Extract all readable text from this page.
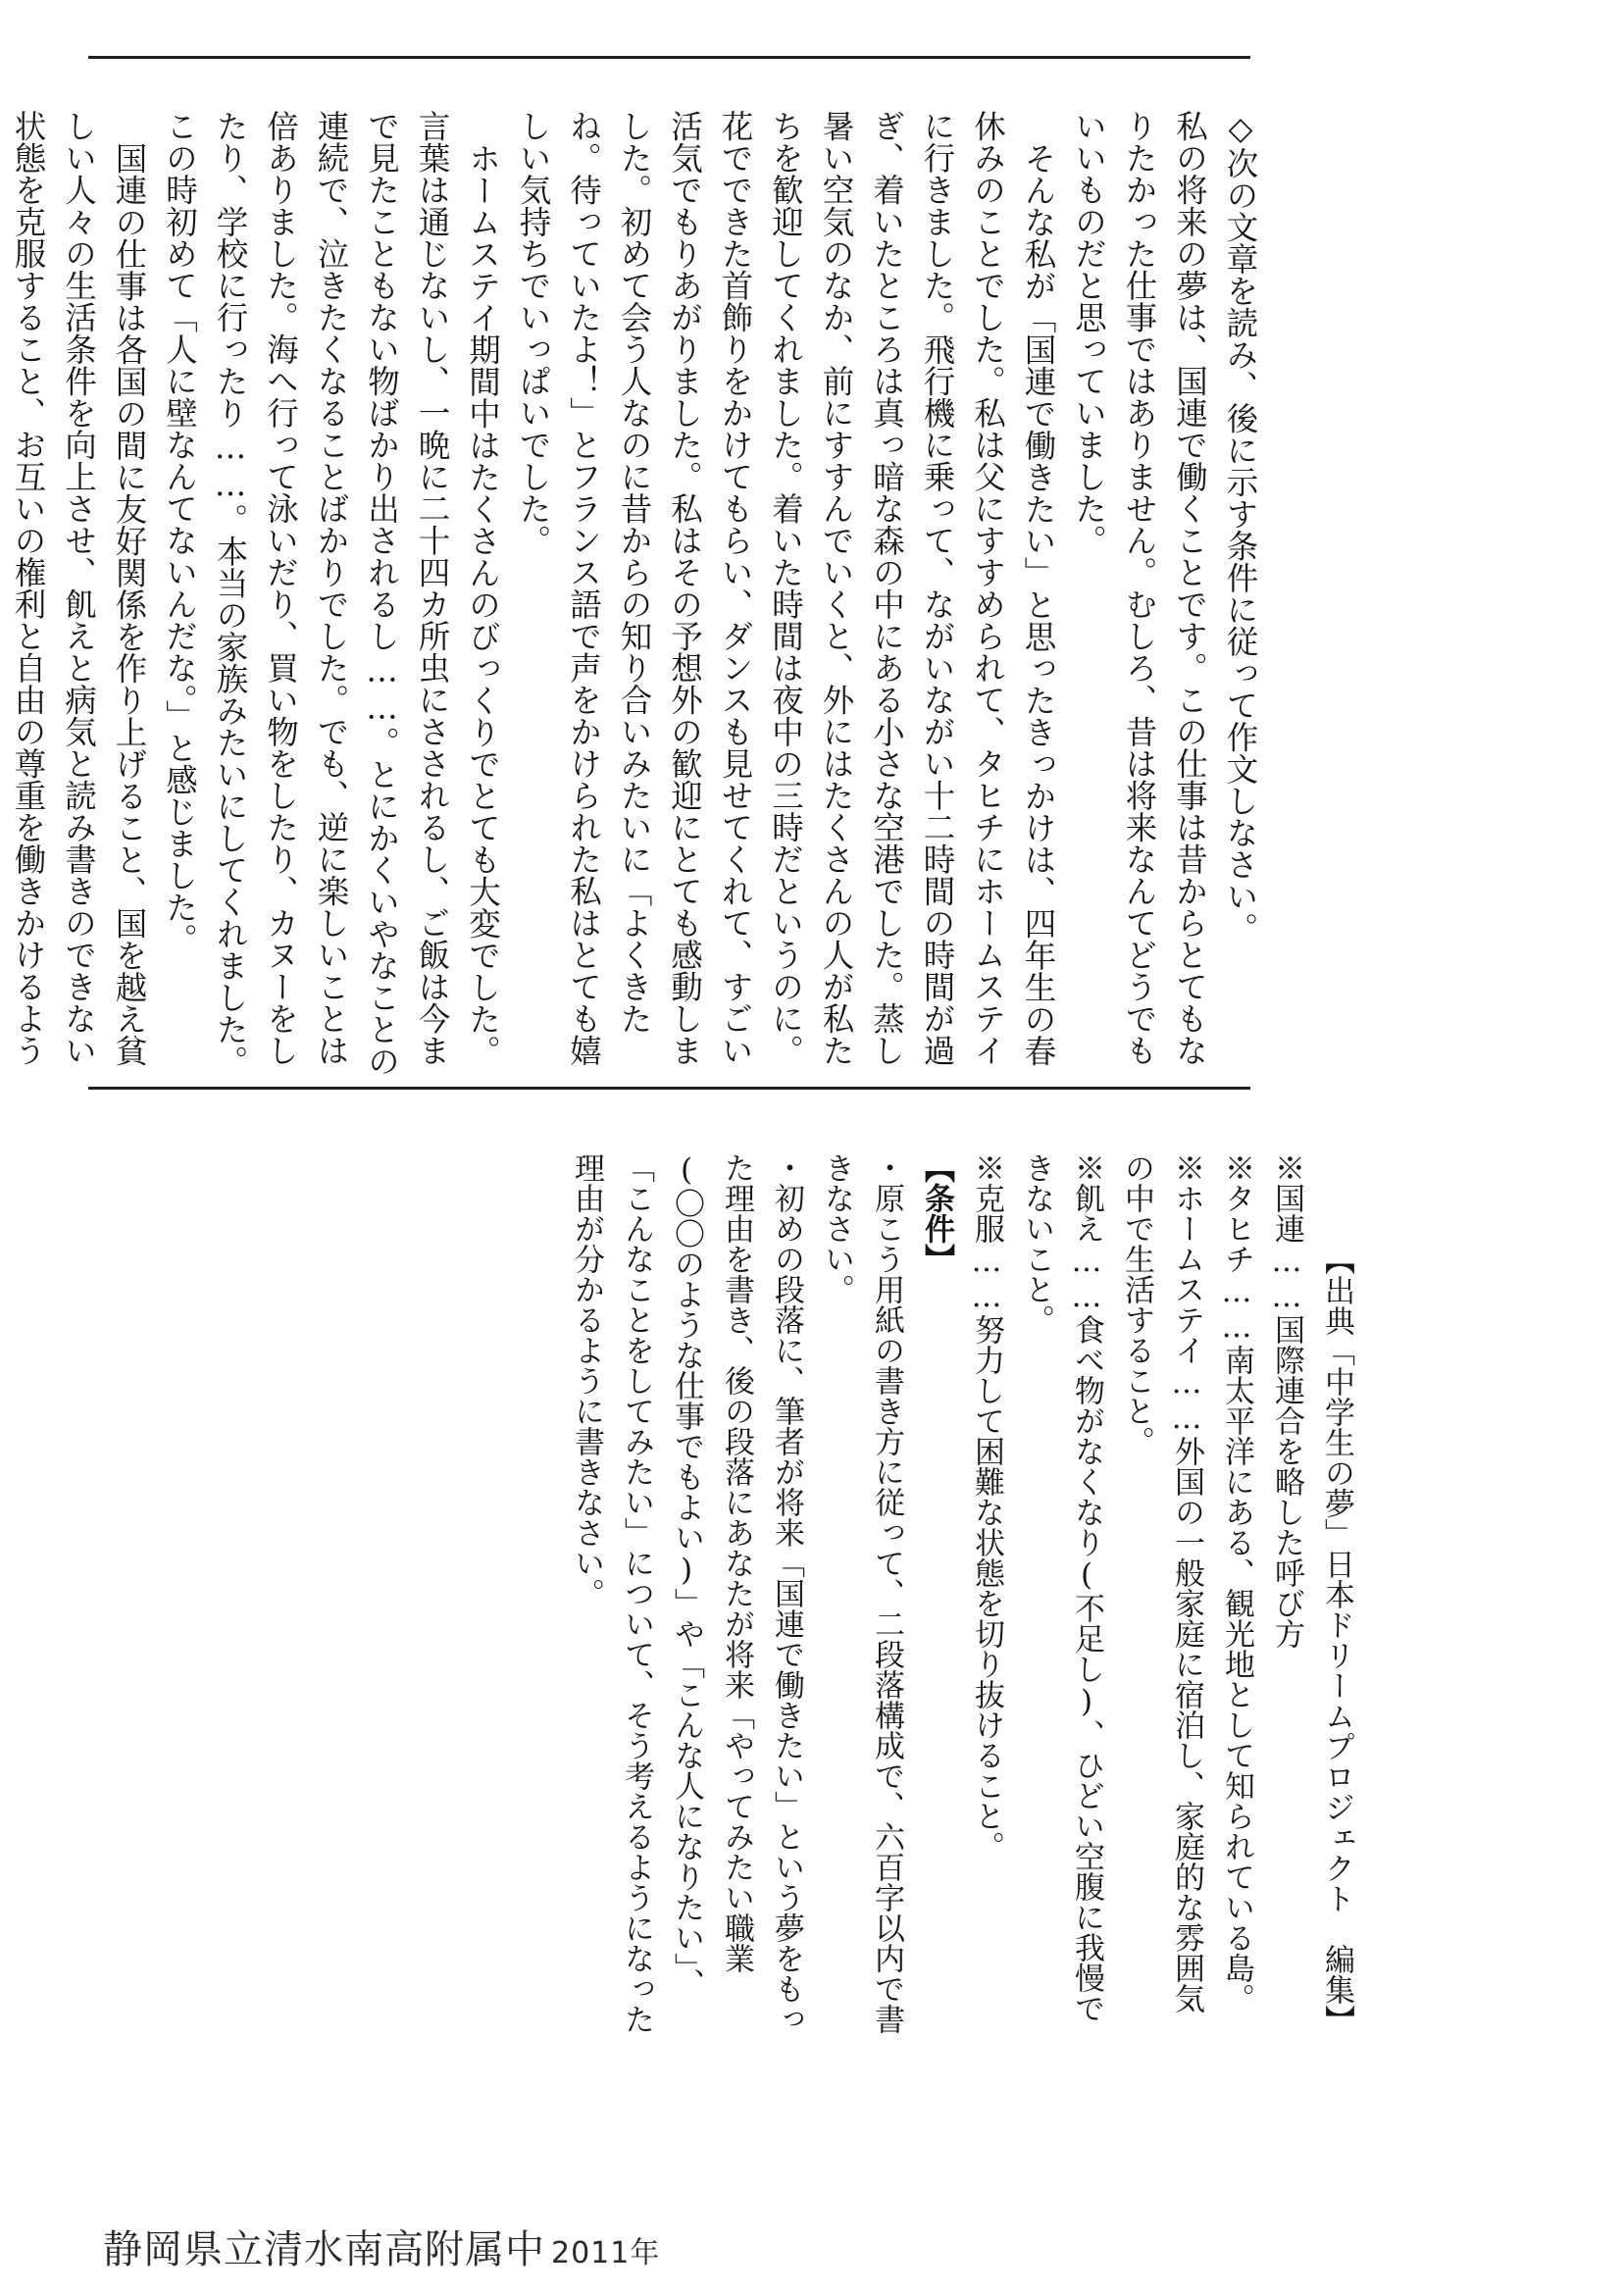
◇次の文章を読み、後に示す条件に従って作文しなさい。

私の将来の夢は、国連で働くことです。この仕事は昔からとてもなりたかった仕事ではありません。むしろ、昔は将来なんてどうでもいいものだと思っていました。

そんな私が「国連で働きたい」と思ったきっかけは、四年生の春休みのことでした。私は父にすすめられて、タヒチにホームステイに行きました。飛行機に乗って、ながいながい十二時間の時間が過ぎ、着いたところは真っ暗な森の中にある小さな空港でした。蒸し暑い空気のなか、前にすすんでいくと、外にはたくさんの人が私たちを歓迎してくれました。着いた時間は夜中の三時だというのに。花でできた首飾りをかけてもらい、ダンスも見せてくれて、すごい活気でもりあがりました。私はその予想外の歓迎にとても感動しました。初めて会う人なのに昔からの知り合いみたいに「よくきたね。待っていたよ！」とフランス語で声をかけられた私はとても嬉しい気持ちでいっぱいでした。

ホームステイ期間中はたくさんのびっくりでとても大変でした。言葉は通じないし、一晩に二十四カ所虫にさされるし、ご飯は今まで見たこともない物ばかり出されるし……。とにかくいやなことの連続で、泣きたくなることばかりでした。でも、逆に楽しいことは倍ありました。海へ行って泳いだり、買い物をしたり、カヌーをしたり、学校に行ったり……。本当の家族みたいにしてくれました。この時初めて「人に壁なんてないんだな。」と感じました。

国連の仕事は各国の間に友好関係を作り上げること、国を越え貧しい人々の生活条件を向上させ、飢えと病気と読み書きのできない状態を克服すること、お互いの権利と自由の尊重を働きかけるよう

【出典「中学生の夢」日本ドリームプロジェクト　編集】

※国連……国際連合を略した呼び方

※タヒチ……南太平洋にある、観光地として知られている島。

※ホームステイ……外国の一般家庭に宿泊し、家庭的な雰囲気の中で生活すること。

※飢え……食べ物がなくなり(不足し)、ひどい空腹に我慢できないこと。

※克服……努力して困難な状態を切り抜けること。

【条件】

・原こう用紙の書き方に従って、二段落構成で、六百字以内で書きなさい。

・初めの段落に、筆者が将来「国連で働きたい」という夢をもった理由を書き、後の段落にあなたが将来「やってみたい職業(〇〇のような仕事でもよい)」や「こんな人になりたい」、「こんなことをしてみたい」について、そう考えるようになった理由が分かるように書きなさい。

静岡県立清水南高附属中 2011年
